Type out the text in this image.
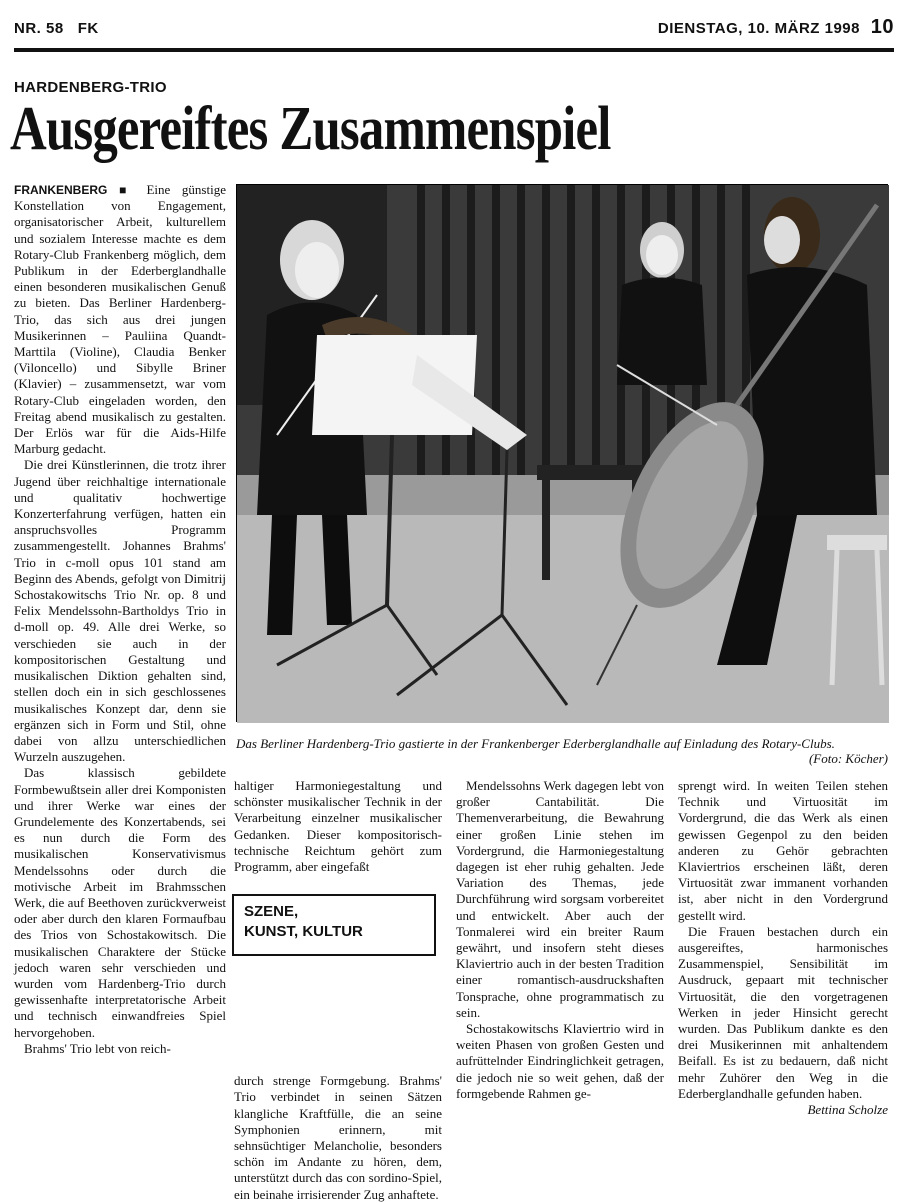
NR. 58 FK	DIENSTAG, 10. MÄRZ 1998 10
HARDENBERG-TRIO
Ausgereiftes Zusammenspiel

FRANKENBERG ■ Eine günstige Konstellation von Engagement, organisatorischer Arbeit, kulturellem und sozialem Interesse machte es dem Rotary-Club Frankenberg möglich, dem Publikum in der Ederberglandhalle einen besonderen musikalischen Genuß zu bieten. Das Berliner Hardenberg-Trio, das sich aus drei jungen Musikerinnen – Pauliina Quandt-Marttila (Violine), Claudia Benker (Viloncello) und Sibylle Briner (Klavier) – zusammensetzt, war vom Rotary-Club eingeladen worden, den Freitag abend musikalisch zu gestalten. Der Erlös war für die Aids-Hilfe Marburg gedacht.

Die drei Künstlerinnen, die trotz ihrer Jugend über reichhaltige internationale und qualitativ hochwertige Konzerterfahrung verfügen, hatten ein anspruchsvolles Programm zusammengestellt. Johannes Brahms' Trio in c-moll opus 101 stand am Beginn des Abends, gefolgt von Dimitrij Schostakowitschs Trio Nr. op. 8 und Felix Mendelssohn-Bartholdys Trio in d-moll op. 49. Alle drei Werke, so verschieden sie auch in der kompositorischen Gestaltung und musikalischen Diktion gehalten sind, stellen doch ein in sich geschlossenes musikalisches Konzept dar, denn sie ergänzen sich in Form und Stil, ohne dabei von allzu unterschiedlichen Wurzeln auszugehen.

Das klassisch gebildete Formbewußtsein aller drei Komponisten und ihrer Werke war eines der Grundelemente des Konzertabends, sei es nun durch die Form des musikalischen Konservativismus Mendelssohns oder durch die motivische Arbeit im Brahmsschen Werk, die auf Beethoven zurückverweist oder aber durch den klaren Formaufbau des Trios von Schostakowitsch. Die musikalischen Charaktere der Stücke jedoch waren sehr verschieden und wurden vom Hardenberg-Trio durch gewissenhafte interpretatorische Arbeit und technisch einwandfreies Spiel hervorgehoben.

Brahms' Trio lebt von reich-

Das Berliner Hardenberg-Trio gastierte in der Frankenberger Ederberglandhalle auf Einladung des Rotary-Clubs.
(Foto: Köcher)

haltiger Harmoniegestaltung und schönster musikalischer Technik in der Verarbeitung einzelner musikalischer Gedanken. Dieser kompositorisch-technische Reichtum gehört zum Programm, aber eingefaßt

durch strenge Formgebung. Brahms' Trio verbindet in seinen Sätzen klangliche Kraftfülle, die an seine Symphonien erinnern, mit sehnsüchtiger Melancholie, besonders schön im Andante zu hören, dem, unterstützt durch das con sordino-Spiel, ein beinahe irrisierender Zug anhaftete.

SZENE,
KUNST, KULTUR

Mendelssohns Werk dagegen lebt von großer Cantabilität. Die Themenverarbeitung, die Bewahrung einer großen Linie stehen im Vordergrund, die Harmoniegestaltung dagegen ist eher ruhig gehalten. Jede Variation des Themas, jede Durchführung wird sorgsam vorbereitet und entwickelt. Aber auch der Tonmalerei wird ein breiter Raum gewährt, und insofern steht dieses Klaviertrio auch in der besten Tradition einer romantisch-ausdruckshaften Tonsprache, ohne programmatisch zu sein.

Schostakowitschs Klaviertrio wird in weiten Phasen von großen Gesten und aufrüttelnder Eindringlichkeit getragen, die jedoch nie so weit gehen, daß der formgebende Rahmen ge-

sprengt wird. In weiten Teilen stehen Technik und Virtuosität im Vordergrund, die das Werk als einen gewissen Gegenpol zu den beiden anderen zu Gehör gebrachten Klaviertrios erscheinen läßt, deren Virtuosität zwar immanent vorhanden ist, aber nicht in den Vordergrund gestellt wird.

Die Frauen bestachen durch ein ausgereiftes, harmonisches Zusammenspiel, Sensibilität im Ausdruck, gepaart mit technischer Virtuosität, die den vorgetragenen Werken in jeder Hinsicht gerecht wurden. Das Publikum dankte es den drei Musikerinnen mit anhaltendem Beifall. Es ist zu bedauern, daß nicht mehr Zuhörer den Weg in die Ederberglandhalle gefunden haben.
Bettina Scholze
